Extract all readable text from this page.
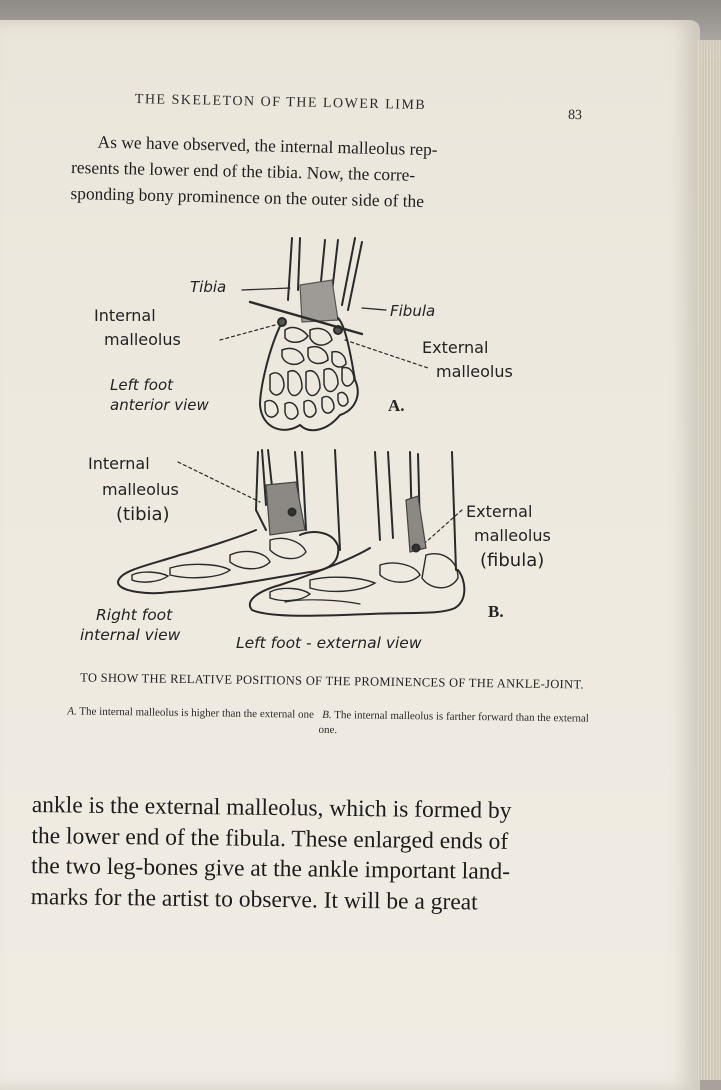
THE SKELETON OF THE LOWER LIMB
83

As we have observed, the internal malleolus rep-
resents the lower end of the tibia. Now, the corre-
sponding bony prominence on the outer side of the

Tibia
Fibula
Internal
malleolus	External
malleolus
Left foot
anterior view	A.
Internal
malleolus
(tibia)	External
malleolus
(fibula)
Right foot
internal view	Left foot - external view
B.
TO SHOW THE RELATIVE POSITIONS OF THE PROMINENCES OF THE ANKLE-JOINT.
A. The internal malleolus is higher than the external one B. The internal malleolus is farther forward than the external one.

ankle is the external malleolus, which is formed by
the lower end of the fibula. These enlarged ends of
the two leg-bones give at the ankle important land-
marks for the artist to observe. It will be a great
